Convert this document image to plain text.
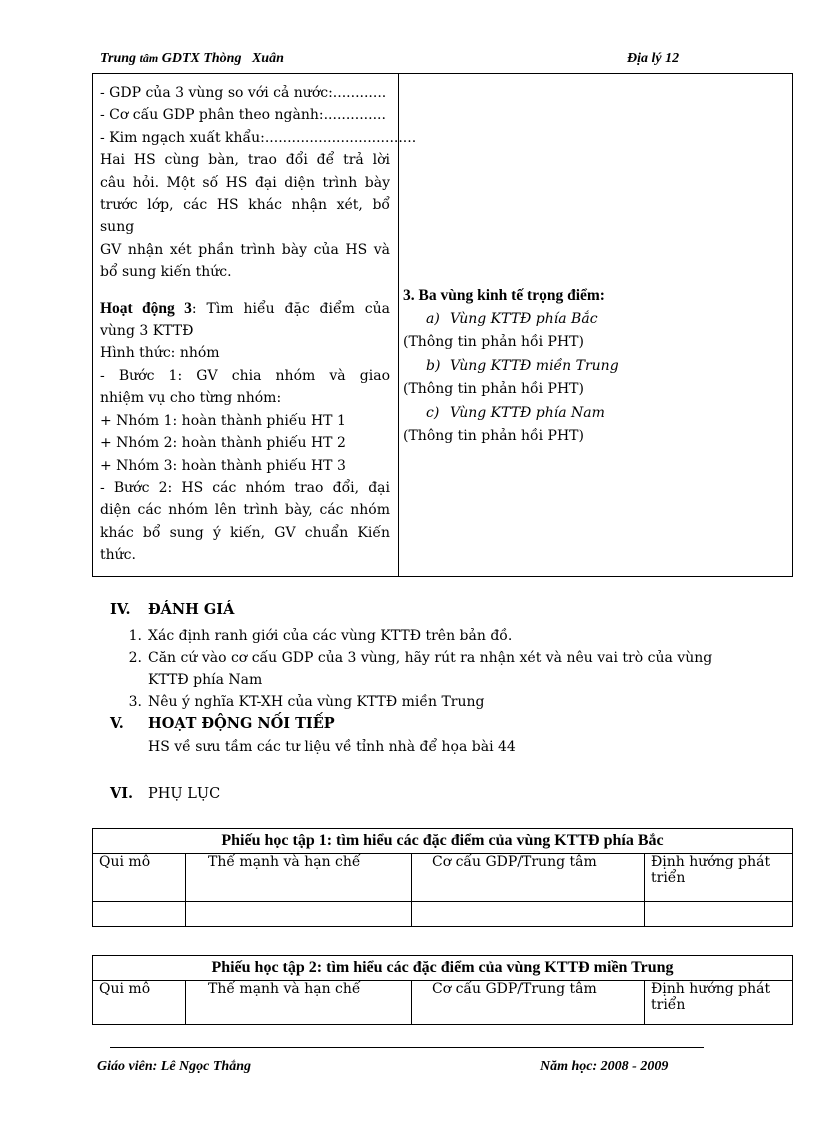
Trung tâm GDTX Thòng Xuân	Địa lý 12
- GDP của 3 vùng so với cả nước:............
- Cơ cấu GDP phân theo ngành:..............
- Kim ngạch xuất khẩu:..................................
Hai HS cùng bàn, trao đổi để trả lời
câu hỏi. Một số HS đại diện trình bày
trước lớp, các HS khác nhận xét, bổ
sung
GV nhận xét phần trình bày của HS và
bổ sung kiến thức.
Hoạt động 3: Tìm hiểu đặc điểm của
vùng 3 KTTĐ
Hình thức: nhóm
- Bước 1: GV chia nhóm và giao
nhiệm vụ cho từng nhóm:
+ Nhóm 1: hoàn thành phiếu HT 1
+ Nhóm 2: hoàn thành phiếu HT 2
+ Nhóm 3: hoàn thành phiếu HT 3
- Bước 2: HS các nhóm trao đổi, đại
diện các nhóm lên trình bày, các nhóm
khác bổ sung ý kiến, GV chuẩn Kiến
thức.
3. Ba vùng kinh tế trọng điểm:
a) Vùng KTTĐ phía Bắc
(Thông tin phản hồi PHT)
b) Vùng KTTĐ miền Trung
(Thông tin phản hồi PHT)
c) Vùng KTTĐ phía Nam
(Thông tin phản hồi PHT)
IV. ĐÁNH GIÁ
1. Xác định ranh giới của các vùng KTTĐ trên bản đồ.
2. Căn cứ vào cơ cấu GDP của 3 vùng, hãy rút ra nhận xét và nêu vai trò của vùng
KTTĐ phía Nam
3. Nêu ý nghĩa KT-XH của vùng KTTĐ miền Trung
V. HOẠT ĐỘNG NỐI TIẾP
HS về sưu tầm các tư liệu về tỉnh nhà để họa bài 44
VI. PHỤ LỤC
Phiếu học tập 1: tìm hiểu các đặc điểm của vùng KTTĐ phía Bắc			
Qui mô	Thế mạnh và hạn chế	Cơ cấu GDP/Trung tâm	Định hướng phát triển

Phiếu học tập 2: tìm hiểu các đặc điểm của vùng KTTĐ miền Trung
Qui mô	Thế mạnh và hạn chế	Cơ cấu GDP/Trung tâm	Định hướng phát triển
Giáo viên: Lê Ngọc Thắng	Năm học: 2008 - 2009
